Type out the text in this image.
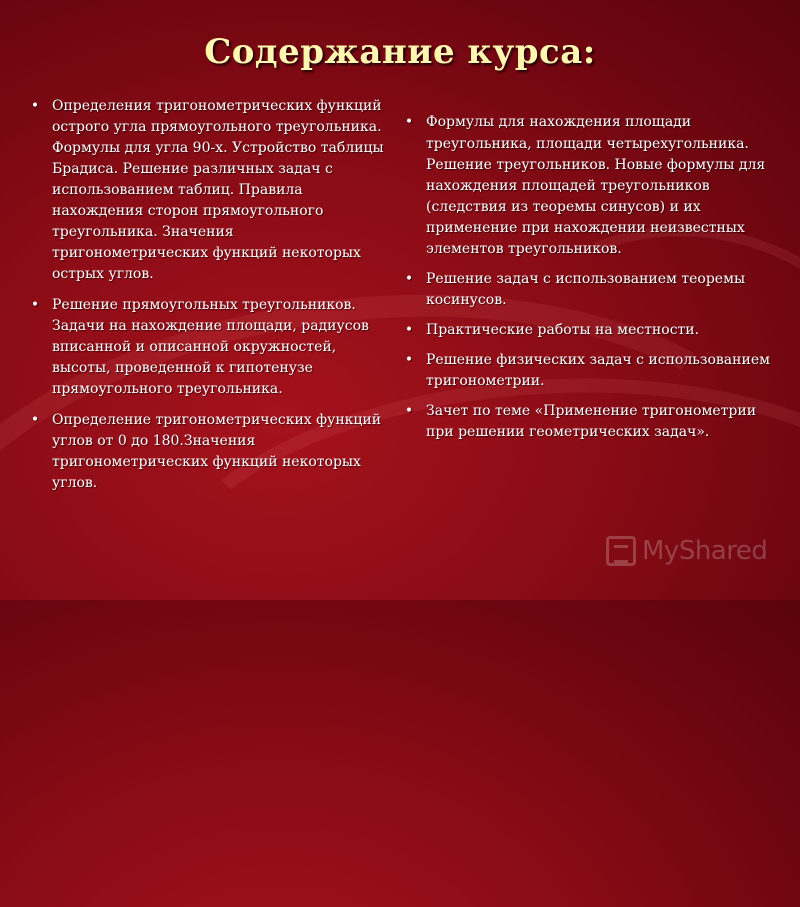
Содержание курса:
• Определения тригонометрических функций острого угла прямоугольного треугольника. Формулы для угла 90-х. Устройство таблицы Брадиса. Решение различных задач с использованием таблиц. Правила нахождения сторон прямоугольного треугольника. Значения тригонометрических функций некоторых острых углов.
• Решение прямоугольных треугольников. Задачи на нахождение площади, радиусов вписанной и описанной окружностей, высоты, проведенной к гипотенузе прямоугольного треугольника.
• Определение тригонометрических функций углов от 0 до 180.Значения тригонометрических функций некоторых углов.
• Формулы для нахождения площади
треугольника, площади четырехугольника. Решение треугольников. Новые формулы для нахождения площадей треугольников (следствия из теоремы синусов) и их применение при нахождении неизвестных элементов треугольников.
• Решение задач с использованием теоремы косинусов.
• Практические работы на местности.
• Решение физических задач с использованием тригонометрии.
• Зачет по теме «Применение тригонометрии при решении геометрических задач».
MyShared
